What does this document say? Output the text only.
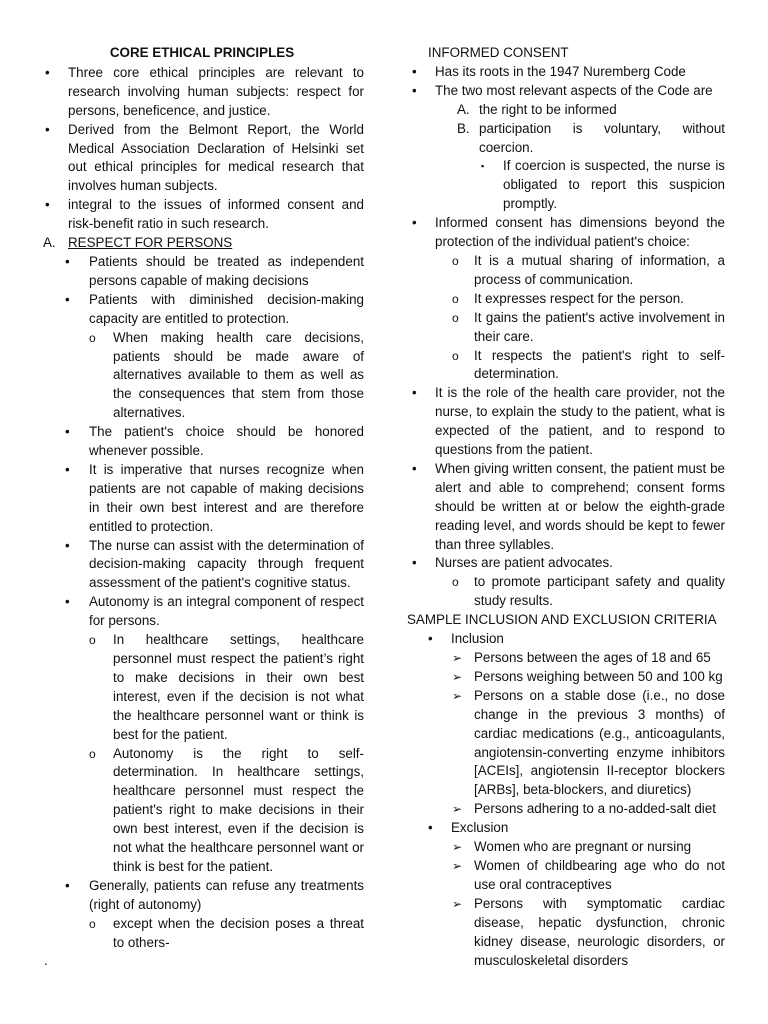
CORE ETHICAL PRINCIPLES

• Three core ethical principles are relevant to research involving human subjects: respect for persons, beneficence, and justice.
• Derived from the Belmont Report, the World Medical Association Declaration of Helsinki set out ethical principles for medical research that involves human subjects.
• integral to the issues of informed consent and risk-benefit ratio in such research.
A. RESPECT FOR PERSONS
• Patients should be treated as independent persons capable of making decisions
• Patients with diminished decision-making capacity are entitled to protection.
o When making health care decisions, patients should be made aware of alternatives available to them as well as the consequences that stem from those alternatives.
• The patient's choice should be honored whenever possible.
• It is imperative that nurses recognize when patients are not capable of making decisions in their own best interest and are therefore entitled to protection.
• The nurse can assist with the determination of decision-making capacity through frequent assessment of the patient's cognitive status.
• Autonomy is an integral component of respect for persons.
o In healthcare settings, healthcare personnel must respect the patient’s right to make decisions in their own best interest, even if the decision is not what the healthcare personnel want or think is best for the patient.
o Autonomy is the right to self-determination. In healthcare settings, healthcare personnel must respect the patient's right to make decisions in their own best interest, even if the decision is not what the healthcare personnel want or think is best for the patient.
• Generally, patients can refuse any treatments (right of autonomy)
o except when the decision poses a threat to others-
.

INFORMED CONSENT

• Has its roots in the 1947 Nuremberg Code
• The two most relevant aspects of the Code are
A. the right to be informed
B. participation is voluntary, without coercion.
▪ If coercion is suspected, the nurse is obligated to report this suspicion promptly.
• Informed consent has dimensions beyond the protection of the individual patient's choice:
o It is a mutual sharing of information, a process of communication.
o It expresses respect for the person.
o It gains the patient's active involvement in their care.
o It respects the patient's right to self-determination.
• It is the role of the health care provider, not the nurse, to explain the study to the patient, what is expected of the patient, and to respond to questions from the patient.
• When giving written consent, the patient must be alert and able to comprehend; consent forms should be written at or below the eighth-grade reading level, and words should be kept to fewer than three syllables.
• Nurses are patient advocates.
o to promote participant safety and quality study results.

SAMPLE INCLUSION AND EXCLUSION CRITERIA

• Inclusion
➢ Persons between the ages of 18 and 65
➢ Persons weighing between 50 and 100 kg
➢ Persons on a stable dose (i.e., no dose change in the previous 3 months) of cardiac medications (e.g., anticoagulants, angiotensin-converting enzyme inhibitors [ACEIs], angiotensin II-receptor blockers [ARBs], beta-blockers, and diuretics)
➢ Persons adhering to a no-added-salt diet
• Exclusion
➢ Women who are pregnant or nursing
➢ Women of childbearing age who do not use oral contraceptives
➢ Persons with symptomatic cardiac disease, hepatic dysfunction, chronic kidney disease, neurologic disorders, or musculoskeletal disorders
